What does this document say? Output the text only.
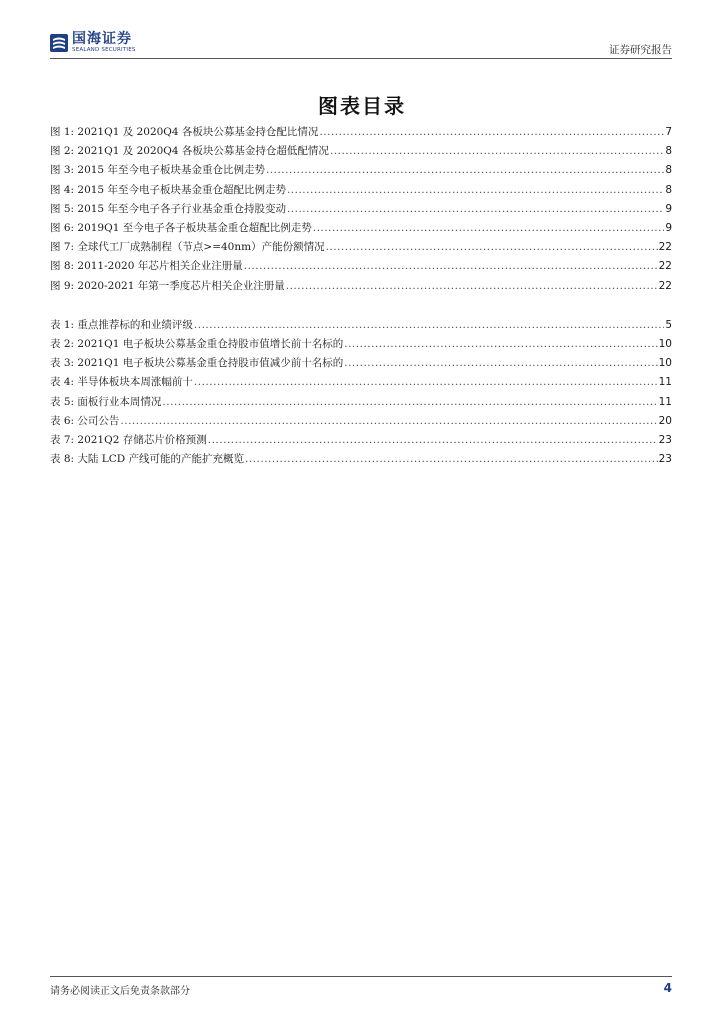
国海证券
SEALAND SECURITIES	证券研究报告
图表目录
图 1: 2021Q1 及 2020Q4 各板块公募基金持仓配比情况 .....	7
图 2: 2021Q1 及 2020Q4 各板块公募基金持仓超低配情况 .....	8
图 3: 2015 年至今电子板块基金重仓比例走势 .....	8
图 4: 2015 年至今电子板块基金重仓超配比例走势 .....	8
图 5: 2015 年至今电子各子行业基金重仓持股变动 .....	9
图 6: 2019Q1 至今电子各子板块基金重仓超配比例走势 .....	9
图 7: 全球代工厂成熟制程（节点>=40nm）产能份额情况 .....	22
图 8: 2011-2020 年芯片相关企业注册量 .....	22
图 9: 2020-2021 年第一季度芯片相关企业注册量 .....	22
表 1: 重点推荐标的和业绩评级 .....	5
表 2: 2021Q1 电子板块公募基金重仓持股市值增长前十名标的 .....	10
表 3: 2021Q1 电子板块公募基金重仓持股市值减少前十名标的 .....	10
表 4: 半导体板块本周涨幅前十 .....	11
表 5: 面板行业本周情况 .....	11
表 6: 公司公告 .....	20
表 7: 2021Q2 存储芯片价格预测 .....	23
表 8: 大陆 LCD 产线可能的产能扩充概览 .....	23
请务必阅读正文后免责条款部分	4
